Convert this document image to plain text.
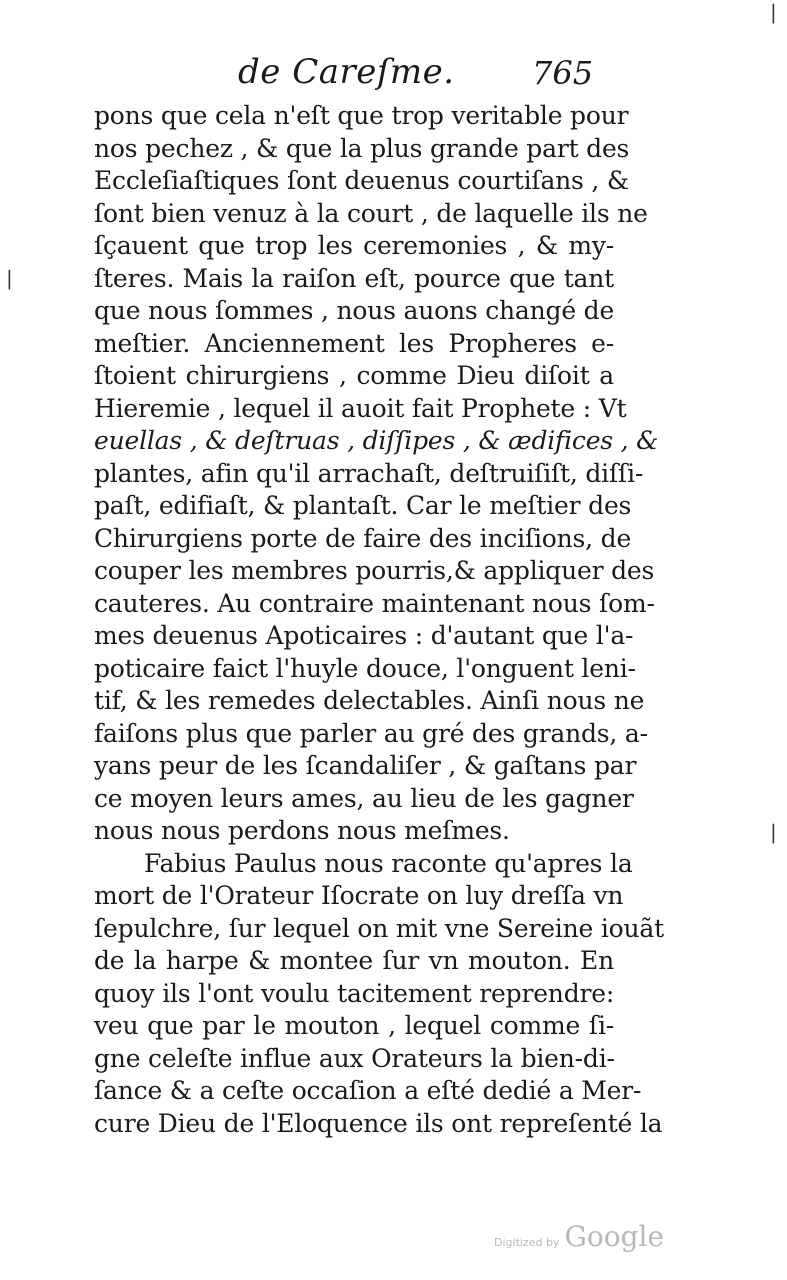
|
de Careſme. 765
|
|
pons que cela n'eſt que trop veritable pour
nos pechez , & que la plus grande part des
Eccleſiaſtiques ſont deuenus courtiſans , &
ſont bien venuz à la court , de laquelle ils ne
ſçauent que trop les ceremonies , & my-
ſteres. Mais la raiſon eſt, pource que tant
que nous ſommes , nous auons changé de
meſtier. Anciennement les Propheres e-
ſtoient chirurgiens , comme Dieu diſoit a
Hieremie , lequel il auoit fait Prophete : Vt
euellas , & deſtruas , diſſipes , & ædifices , &
plantes, afin qu'il arrachaſt, deſtruiſiſt, diſſi-
paſt, edifiaſt, & plantaſt. Car le meſtier des
Chirurgiens porte de faire des inciſions, de
couper les membres pourris,& appliquer des
cauteres. Au contraire maintenant nous ſom-
mes deuenus Apoticaires : d'autant que l'a-
poticaire faict l'huyle douce, l'onguent leni-
tif, & les remedes delectables. Ainſi nous ne
faiſons plus que parler au gré des grands, a-
yans peur de les ſcandaliſer , & gaſtans par
ce moyen leurs ames, au lieu de les gagner
nous nous perdons nous meſmes.
Fabius Paulus nous raconte qu'apres la
mort de l'Orateur Iſocrate on luy dreſſa vn
ſepulchre, ſur lequel on mit vne Sereine iouãt
de la harpe & montee ſur vn mouton. En
quoy ils l'ont voulu tacitement reprendre:
veu que par le mouton , lequel comme ſi-
gne celeſte influe aux Orateurs la bien-di-
ſance & a ceſte occaſion a eſté dedié a Mer-
cure Dieu de l'Eloquence ils ont repreſenté la
Digitized by Google
